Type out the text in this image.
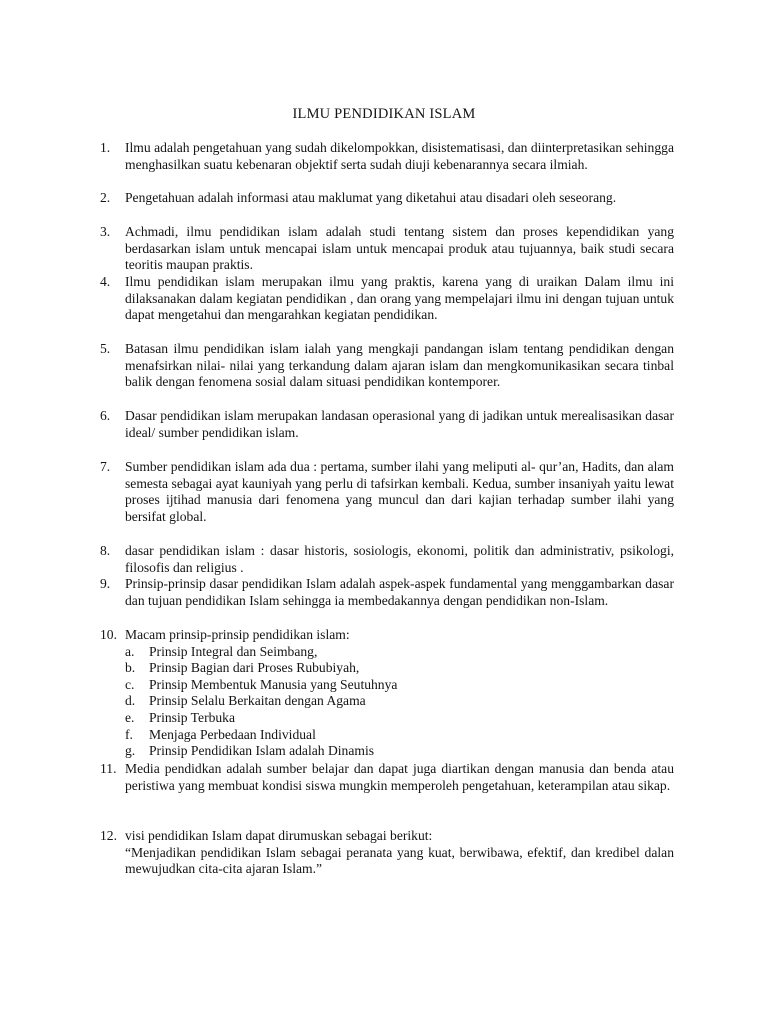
ILMU PENDIDIKAN ISLAM
1. Ilmu adalah pengetahuan yang sudah dikelompokkan, disistematisasi, dan diinterpretasikan sehingga menghasilkan suatu kebenaran objektif serta sudah diuji kebenarannya secara ilmiah.
2. Pengetahuan adalah informasi atau maklumat yang diketahui atau disadari oleh seseorang.
3. Achmadi, ilmu pendidikan islam adalah studi tentang sistem dan proses kependidikan yang berdasarkan islam untuk mencapai islam untuk mencapai produk atau tujuannya, baik studi secara teoritis maupan praktis.
4. Ilmu pendidikan islam merupakan ilmu yang praktis, karena yang di uraikan Dalam ilmu ini dilaksanakan dalam kegiatan pendidikan , dan orang yang mempelajari ilmu ini dengan tujuan untuk dapat mengetahui dan mengarahkan kegiatan pendidikan.
5. Batasan ilmu pendidikan islam ialah yang mengkaji pandangan islam tentang pendidikan dengan menafsirkan nilai- nilai yang terkandung dalam ajaran islam dan mengkomunikasikan secara tinbal balik dengan fenomena sosial dalam situasi pendidikan kontemporer.
6. Dasar pendidikan islam merupakan landasan operasional yang di jadikan untuk merealisasikan dasar ideal/ sumber pendidikan islam.
7. Sumber pendidikan islam ada dua : pertama, sumber ilahi yang meliputi al- qur’an, Hadits, dan alam semesta sebagai ayat kauniyah yang perlu di tafsirkan kembali. Kedua, sumber insaniyah yaitu lewat proses ijtihad manusia dari fenomena yang muncul dan dari kajian terhadap sumber ilahi yang bersifat global.
8. dasar pendidikan islam : dasar historis, sosiologis, ekonomi, politik dan administrativ, psikologi, filosofis dan religius .
9. Prinsip-prinsip dasar pendidikan Islam adalah aspek-aspek fundamental yang menggambarkan dasar dan tujuan pendidikan Islam sehingga ia membedakannya dengan pendidikan non-Islam.
10. Macam prinsip-prinsip pendidikan islam:
a. Prinsip Integral dan Seimbang,
b. Prinsip Bagian dari Proses Rububiyah,
c. Prinsip Membentuk Manusia yang Seutuhnya
d. Prinsip Selalu Berkaitan dengan Agama
e. Prinsip Terbuka
f. Menjaga Perbedaan Individual
g. Prinsip Pendidikan Islam adalah Dinamis
11. Media pendidkan adalah sumber belajar dan dapat juga diartikan dengan manusia dan benda atau peristiwa yang membuat kondisi siswa mungkin memperoleh pengetahuan, keterampilan atau sikap.
12. visi pendidikan Islam dapat dirumuskan sebagai berikut:
“Menjadikan pendidikan Islam sebagai peranata yang kuat, berwibawa, efektif, dan kredibel dalan mewujudkan cita-cita ajaran Islam.”
